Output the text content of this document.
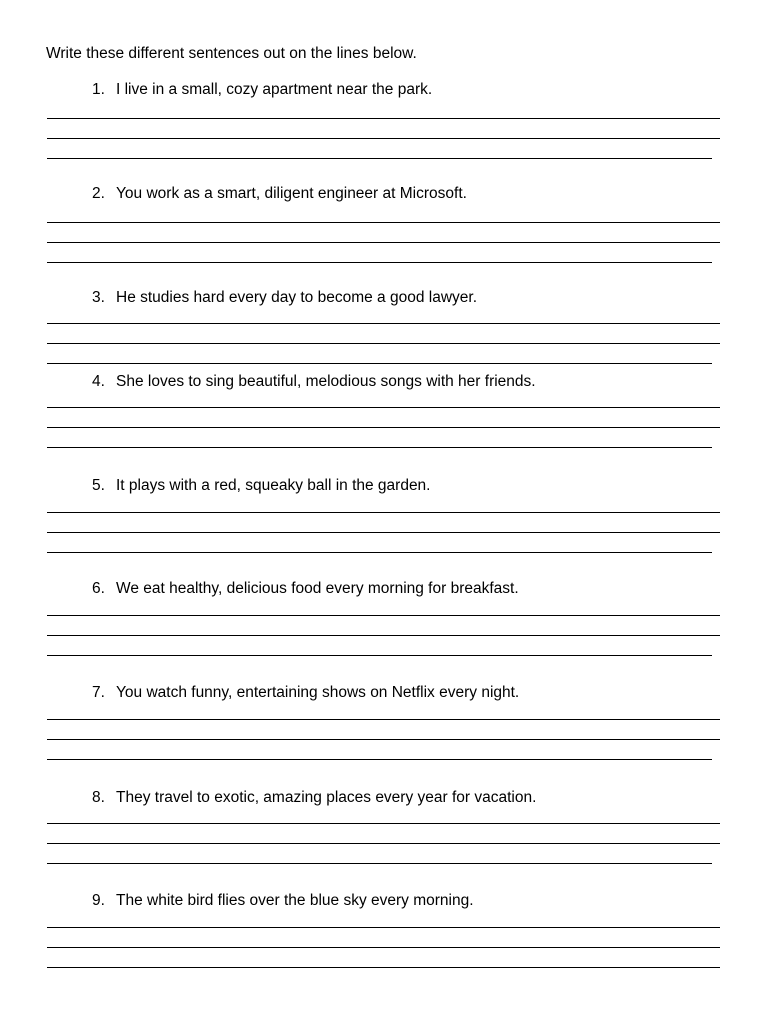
Write these different sentences out on the lines below.
1. I live in a small, cozy apartment near the park.
2. You work as a smart, diligent engineer at Microsoft.
3. He studies hard every day to become a good lawyer.
4. She loves to sing beautiful, melodious songs with her friends.
5. It plays with a red, squeaky ball in the garden.
6. We eat healthy, delicious food every morning for breakfast.
7. You watch funny, entertaining shows on Netflix every night.
8. They travel to exotic, amazing places every year for vacation.
9. The white bird flies over the blue sky every morning.
